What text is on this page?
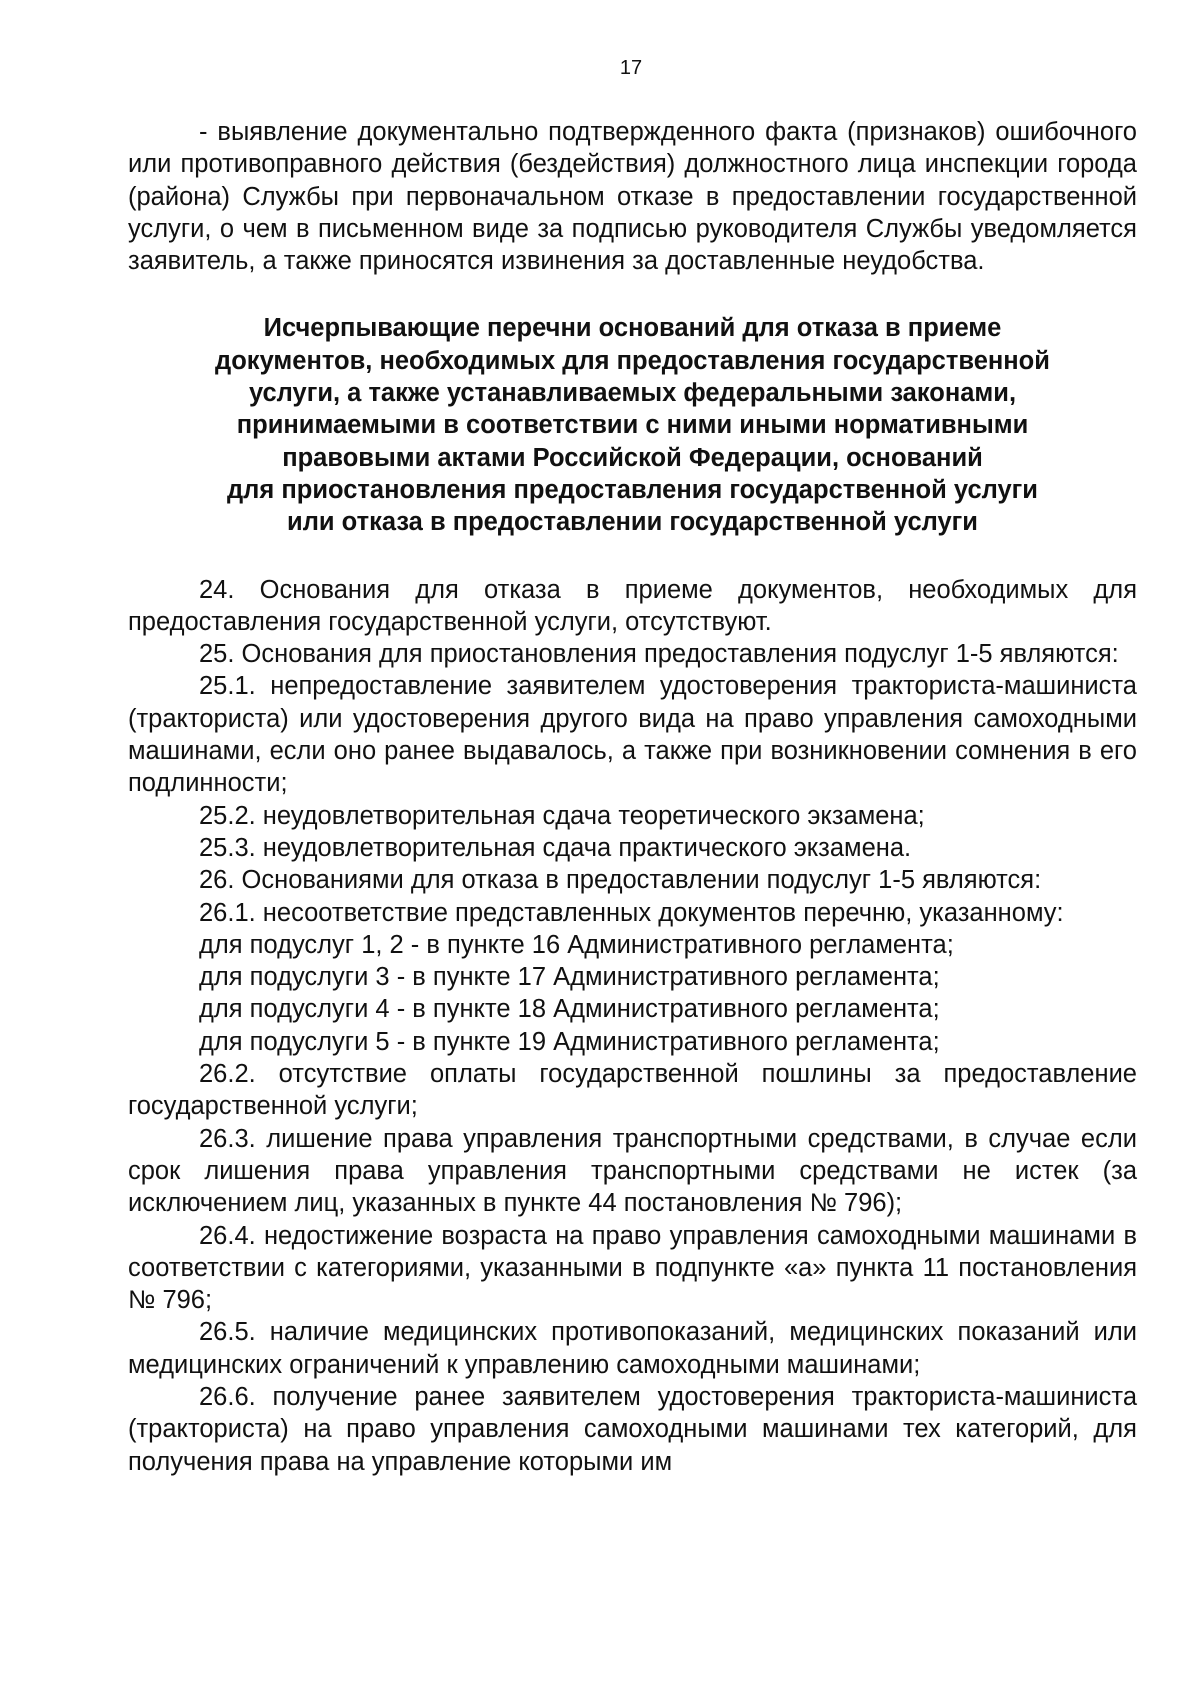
17

- выявление документально подтвержденного факта (признаков) ошибочного или противоправного действия (бездействия) должностного лица инспекции города (района) Службы при первоначальном отказе в предоставлении государственной услуги, о чем в письменном виде за подписью руководителя Службы уведомляется заявитель, а также приносятся извинения за доставленные неудобства.

Исчерпывающие перечни оснований для отказа в приеме
документов, необходимых для предоставления государственной
услуги, а также устанавливаемых федеральными законами,
принимаемыми в соответствии с ними иными нормативными
правовыми актами Российской Федерации, оснований
для приостановления предоставления государственной услуги
или отказа в предоставлении государственной услуги

24. Основания для отказа в приеме документов, необходимых для предоставления государственной услуги, отсутствуют.

25. Основания для приостановления предоставления подуслуг 1-5 являются:

25.1. непредоставление заявителем удостоверения тракториста-машиниста (тракториста) или удостоверения другого вида на право управления самоходными машинами, если оно ранее выдавалось, а также при возникновении сомнения в его подлинности;

25.2. неудовлетворительная сдача теоретического экзамена;

25.3. неудовлетворительная сдача практического экзамена.

26. Основаниями для отказа в предоставлении подуслуг 1-5 являются:

26.1. несоответствие представленных документов перечню, указанному:

для подуслуг 1, 2 - в пункте 16 Административного регламента;

для подуслуги 3 - в пункте 17 Административного регламента;

для подуслуги 4 - в пункте 18 Административного регламента;

для подуслуги 5 - в пункте 19 Административного регламента;

26.2. отсутствие оплаты государственной пошлины за предоставление государственной услуги;

26.3. лишение права управления транспортными средствами, в случае если срок лишения права управления транспортными средствами не истек (за исключением лиц, указанных в пункте 44 постановления № 796);

26.4. недостижение возраста на право управления самоходными машинами в соответствии с категориями, указанными в подпункте «а» пункта 11 постановления № 796;

26.5. наличие медицинских противопоказаний, медицинских показаний или медицинских ограничений к управлению самоходными машинами;

26.6. получение ранее заявителем удостоверения тракториста-машиниста (тракториста) на право управления самоходными машинами тех категорий, для получения права на управление которыми им
